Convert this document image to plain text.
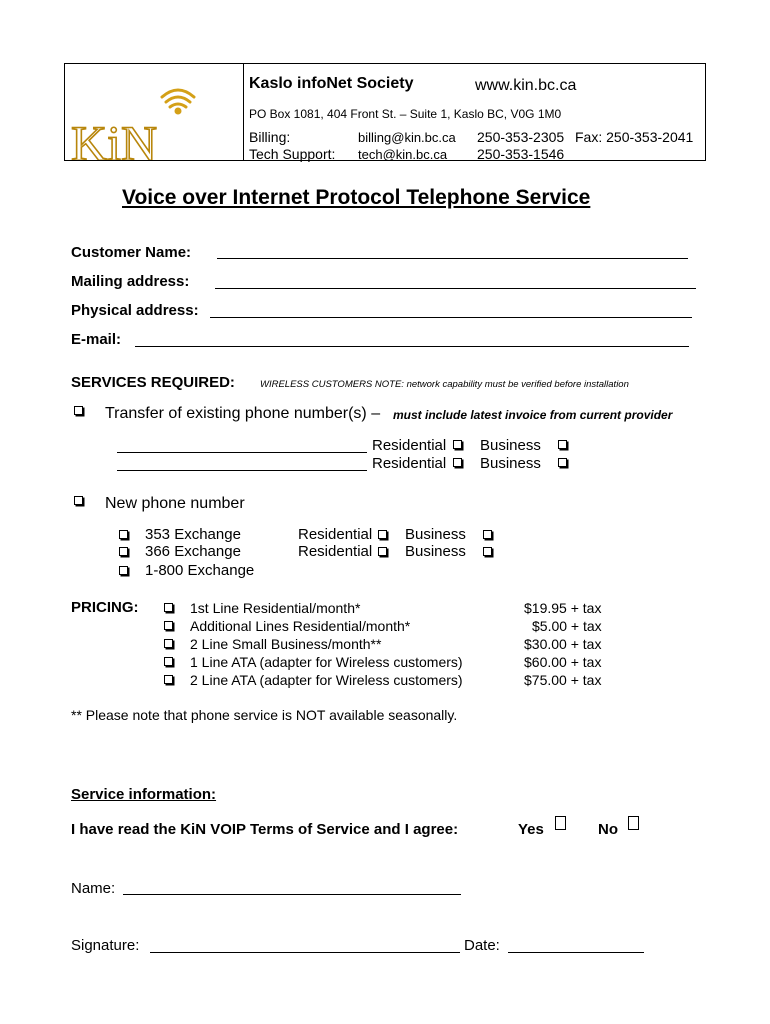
KiN
Kaslo infoNet Society	www.kin.bc.ca
PO Box 1081, 404 Front St. – Suite 1, Kaslo BC, V0G 1M0
Billing:	billing@kin.bc.ca 250-353-2305 Fax: 250-353-2041
Tech Support: tech@kin.bc.ca 250-353-1546
Voice over Internet Protocol Telephone Service
Customer Name:
Mailing address:
Physical address:
E-mail:
SERVICES REQUIRED:	WIRELESS CUSTOMERS NOTE: network capability must be verified before installation
Transfer of existing phone number(s) – must include latest invoice from current provider
Residential Business
Residential Business
New phone number
353 Exchange	Residential Business
366 Exchange	Residential Business
1-800 Exchange
PRICING:	1st Line Residential/month*	$19.95 + tax
Additional Lines Residential/month*	$5.00 + tax
2 Line Small Business/month**	$30.00 + tax
1 Line ATA (adapter for Wireless customers)	$60.00 + tax
2 Line ATA (adapter for Wireless customers)	$75.00 + tax
** Please note that phone service is NOT available seasonally.
Service information:
I have read the KiN VOIP Terms of Service and I agree:	Yes	No
Name:
Signature:	Date:
